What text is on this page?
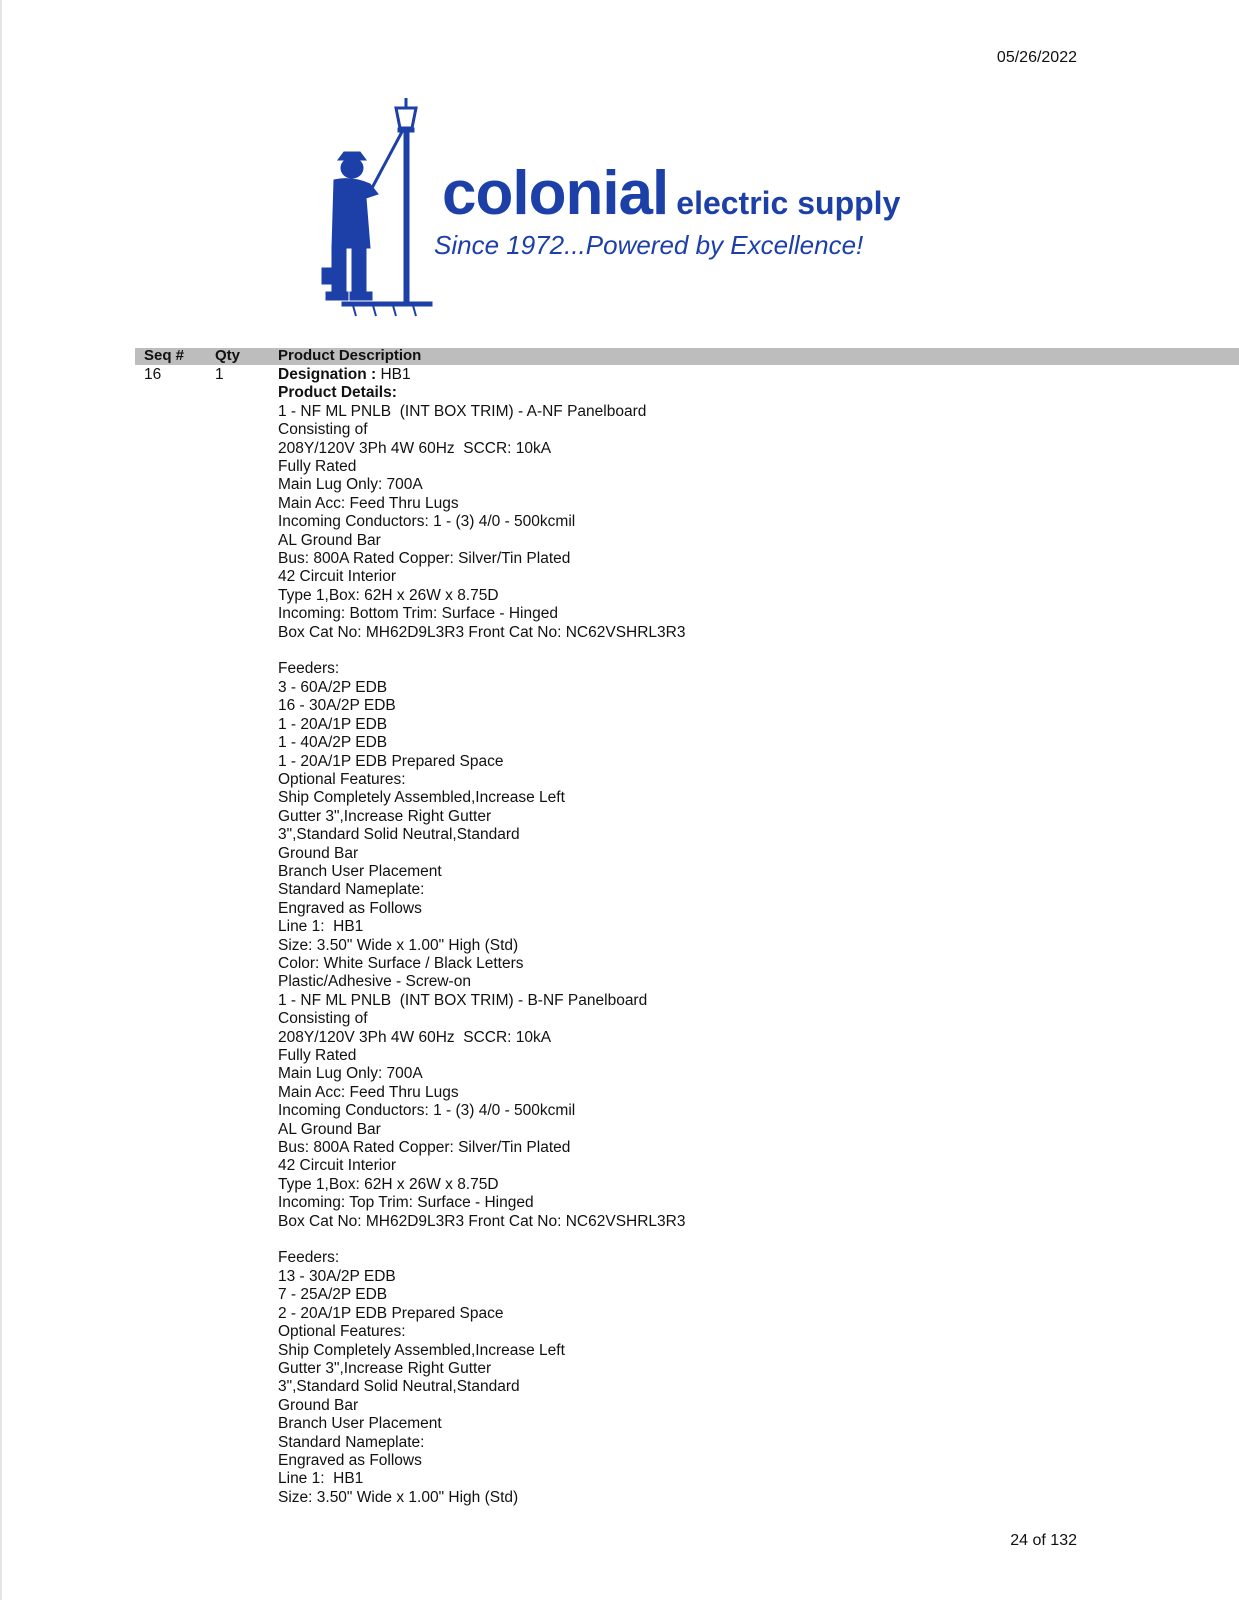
05/26/2022
colonial electric supply
Since 1972...Powered by Excellence!
Seq # Qty	Product Description
16	1	Designation : HB1
Product Details:
1 - NF ML PNLB  (INT BOX TRIM) - A-NF Panelboard
Consisting of
208Y/120V 3Ph 4W 60Hz  SCCR: 10kA
Fully Rated
Main Lug Only: 700A
Main Acc: Feed Thru Lugs
Incoming Conductors: 1 - (3) 4/0 - 500kcmil
AL Ground Bar
Bus: 800A Rated Copper: Silver/Tin Plated
42 Circuit Interior
Type 1,Box: 62H x 26W x 8.75D
Incoming: Bottom Trim: Surface - Hinged
Box Cat No: MH62D9L3R3 Front Cat No: NC62VSHRL3R3
Feeders:
3 - 60A/2P EDB
16 - 30A/2P EDB
1 - 20A/1P EDB
1 - 40A/2P EDB
1 - 20A/1P EDB Prepared Space
Optional Features:
Ship Completely Assembled,Increase Left
Gutter 3",Increase Right Gutter
3",Standard Solid Neutral,Standard
Ground Bar
Branch User Placement
Standard Nameplate:
Engraved as Follows
Line 1:  HB1
Size: 3.50" Wide x 1.00" High (Std)
Color: White Surface / Black Letters
Plastic/Adhesive - Screw-on
1 - NF ML PNLB  (INT BOX TRIM) - B-NF Panelboard
Consisting of
208Y/120V 3Ph 4W 60Hz  SCCR: 10kA
Fully Rated
Main Lug Only: 700A
Main Acc: Feed Thru Lugs
Incoming Conductors: 1 - (3) 4/0 - 500kcmil
AL Ground Bar
Bus: 800A Rated Copper: Silver/Tin Plated
42 Circuit Interior
Type 1,Box: 62H x 26W x 8.75D
Incoming: Top Trim: Surface - Hinged
Box Cat No: MH62D9L3R3 Front Cat No: NC62VSHRL3R3
Feeders:
13 - 30A/2P EDB
7 - 25A/2P EDB
2 - 20A/1P EDB Prepared Space
Optional Features:
Ship Completely Assembled,Increase Left
Gutter 3",Increase Right Gutter
3",Standard Solid Neutral,Standard
Ground Bar
Branch User Placement
Standard Nameplate:
Engraved as Follows
Line 1:  HB1
Size: 3.50" Wide x 1.00" High (Std)
24 of 132
